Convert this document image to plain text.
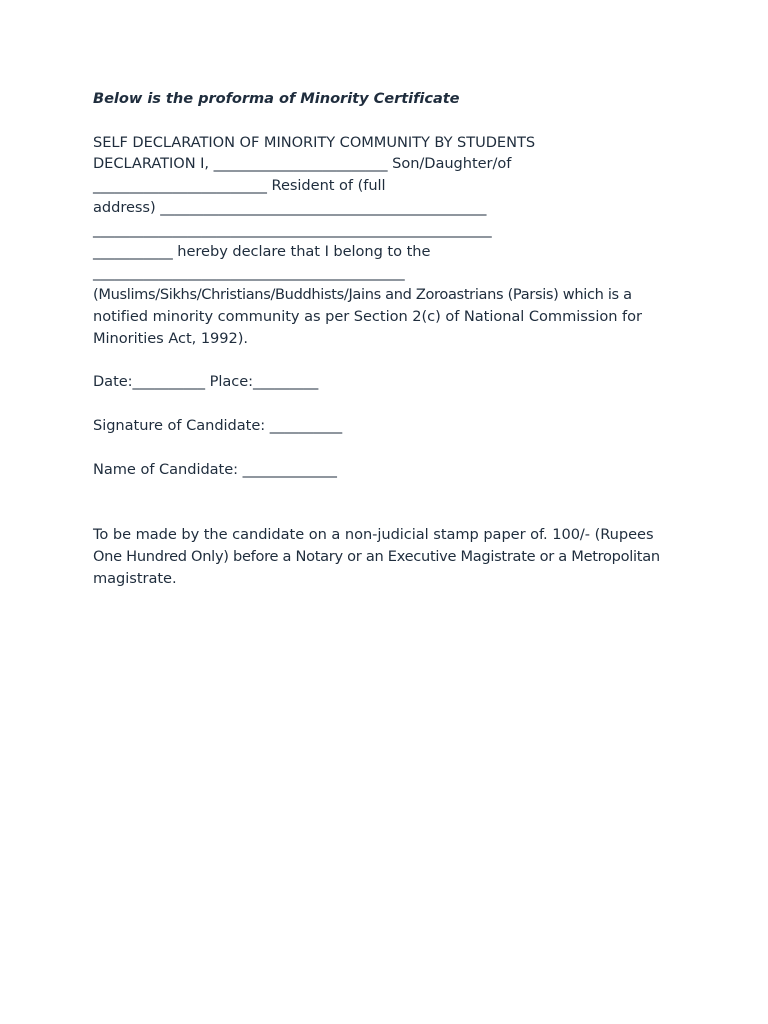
Below is the proforma of Minority Certificate

SELF DECLARATION OF MINORITY COMMUNITY BY STUDENTS
DECLARATION I, ________________________ Son/Daughter/of
________________________ Resident of (full
address) _____________________________________________
_______________________________________________________
___________ hereby declare that I belong to the
___________________________________________
(Muslims/Sikhs/Christians/Buddhists/Jains and Zoroastrians (Parsis) which is a
notified minority community as per Section 2(c) of National Commission for
Minorities Act, 1992).
Date:__________ Place:_________
Signature of Candidate: __________
Name of Candidate: _____________
To be made by the candidate on a non-judicial stamp paper of. 100/- (Rupees
One Hundred Only) before a Notary or an Executive Magistrate or a Metropolitan
magistrate.
